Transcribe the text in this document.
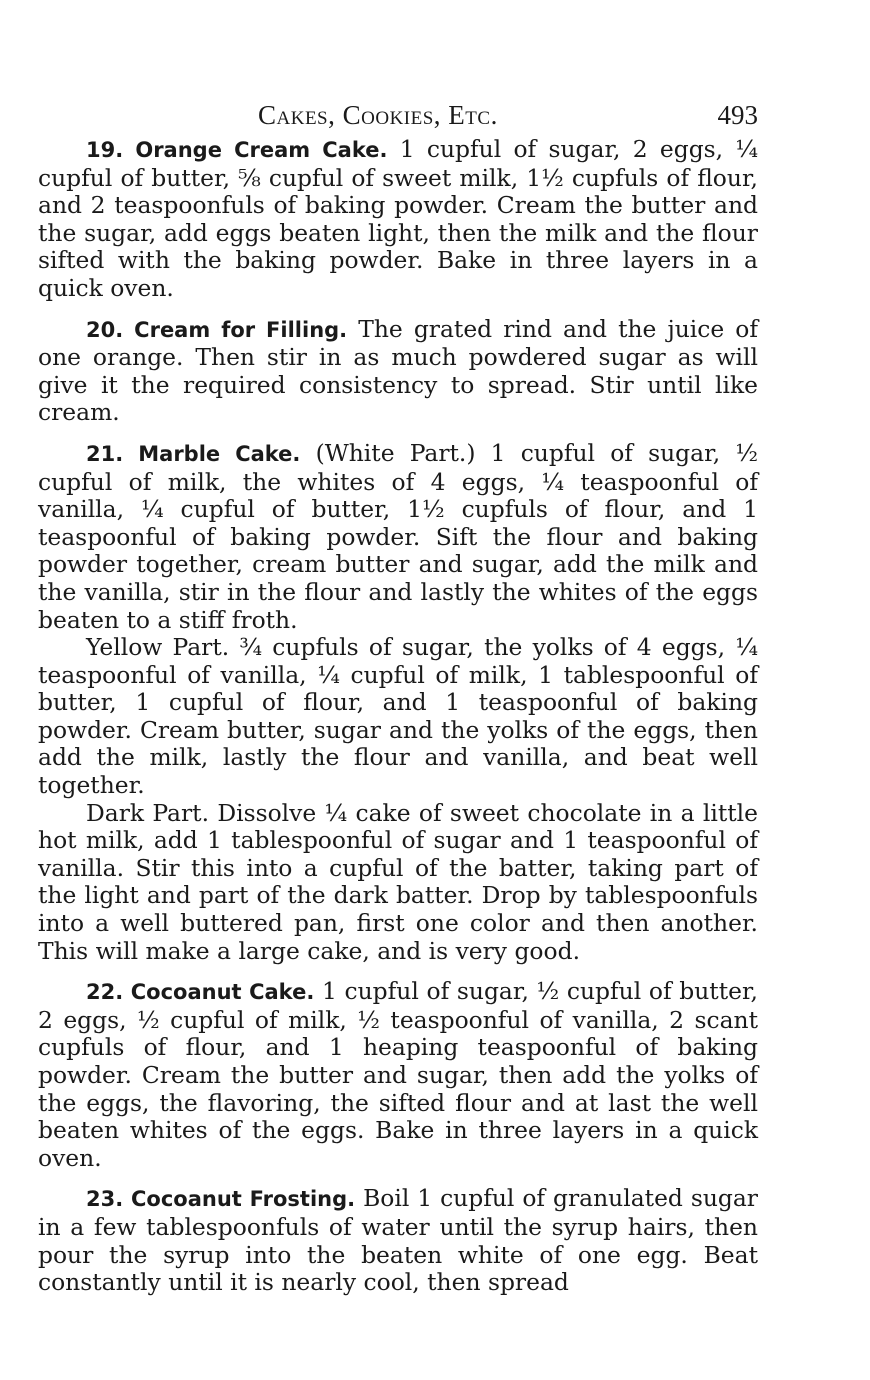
Cakes, Cookies, Etc.	493

19. Orange Cream Cake. 1 cupful of sugar, 2 eggs, ¼ cupful of butter, ⅝ cupful of sweet milk, 1½ cupfuls of flour, and 2 teaspoonfuls of baking powder. Cream the butter and the sugar, add eggs beaten light, then the milk and the flour sifted with the baking powder. Bake in three layers in a quick oven.

20. Cream for Filling. The grated rind and the juice of one orange. Then stir in as much powdered sugar as will give it the required consistency to spread. Stir until like cream.

21. Marble Cake. (White Part.) 1 cupful of sugar, ½ cupful of milk, the whites of 4 eggs, ¼ teaspoonful of vanilla, ¼ cupful of butter, 1½ cupfuls of flour, and 1 teaspoonful of baking powder. Sift the flour and baking powder together, cream butter and sugar, add the milk and the vanilla, stir in the flour and lastly the whites of the eggs beaten to a stiff froth.

Yellow Part. ¾ cupfuls of sugar, the yolks of 4 eggs, ¼ teaspoonful of vanilla, ¼ cupful of milk, 1 tablespoonful of butter, 1 cupful of flour, and 1 teaspoonful of baking powder. Cream butter, sugar and the yolks of the eggs, then add the milk, lastly the flour and vanilla, and beat well together.

Dark Part. Dissolve ¼ cake of sweet chocolate in a little hot milk, add 1 tablespoonful of sugar and 1 teaspoonful of vanilla. Stir this into a cupful of the batter, taking part of the light and part of the dark batter. Drop by tablespoonfuls into a well buttered pan, first one color and then another. This will make a large cake, and is very good.

22. Cocoanut Cake. 1 cupful of sugar, ½ cupful of butter, 2 eggs, ½ cupful of milk, ½ teaspoonful of vanilla, 2 scant cupfuls of flour, and 1 heaping teaspoonful of baking powder. Cream the butter and sugar, then add the yolks of the eggs, the flavoring, the sifted flour and at last the well beaten whites of the eggs. Bake in three layers in a quick oven.

23. Cocoanut Frosting. Boil 1 cupful of granulated sugar in a few tablespoonfuls of water until the syrup hairs, then pour the syrup into the beaten white of one egg. Beat constantly until it is nearly cool, then spread
